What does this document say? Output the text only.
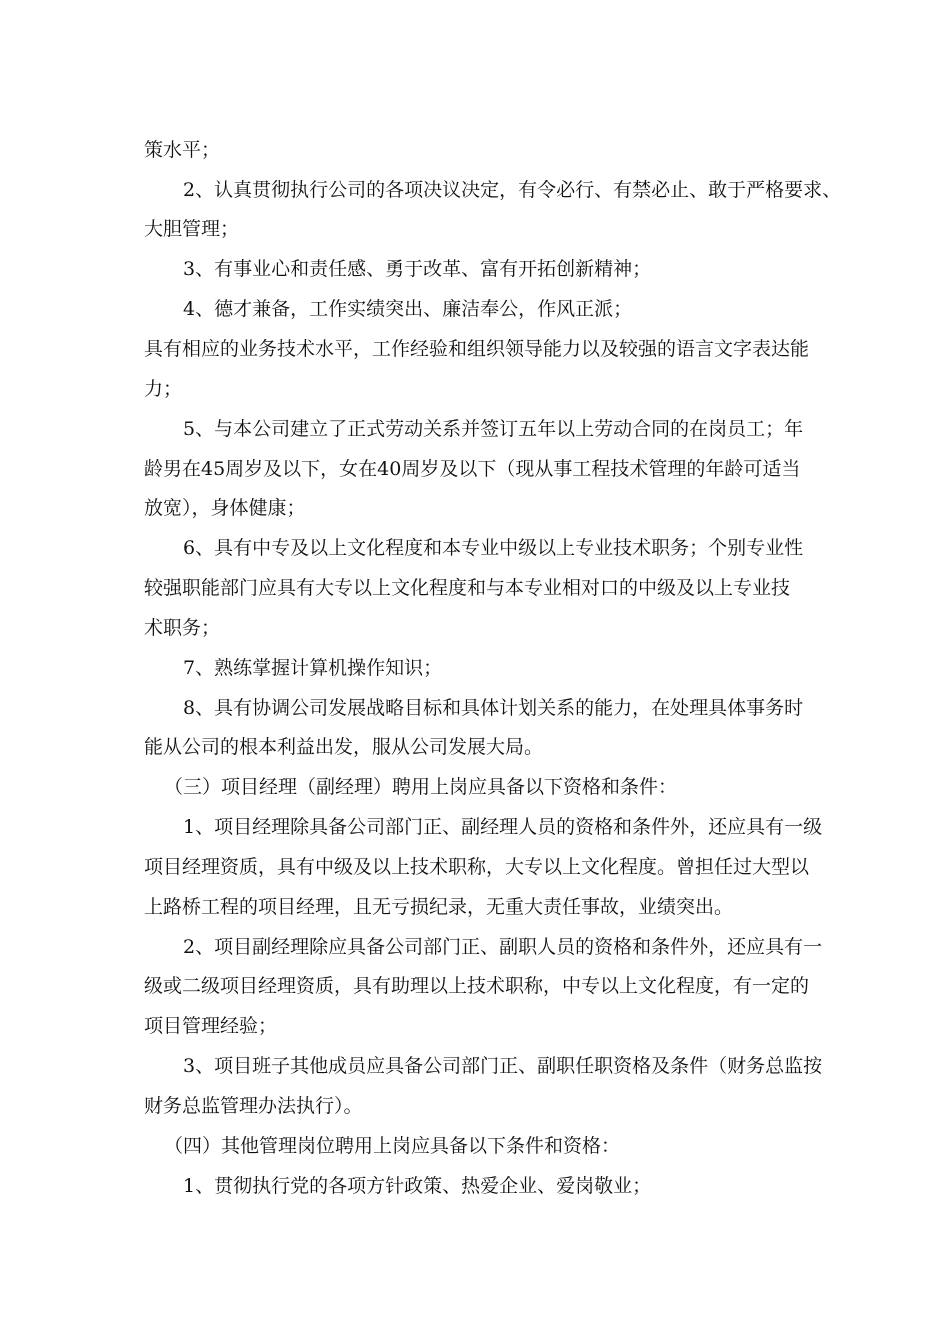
策水平；

2、认真贯彻执行公司的各项决议决定，有令必行、有禁必止、敢于严格要求、

大胆管理；

3、有事业心和责任感、勇于改革、富有开拓创新精神；

4、德才兼备，工作实绩突出、廉洁奉公，作风正派；

具有相应的业务技术水平，工作经验和组织领导能力以及较强的语言文字表达能

力；

5、与本公司建立了正式劳动关系并签订五年以上劳动合同的在岗员工；年

龄男在45周岁及以下，女在40周岁及以下（现从事工程技术管理的年龄可适当

放宽），身体健康；

6、具有中专及以上文化程度和本专业中级以上专业技术职务；个别专业性

较强职能部门应具有大专以上文化程度和与本专业相对口的中级及以上专业技

术职务；

7、熟练掌握计算机操作知识；

8、具有协调公司发展战略目标和具体计划关系的能力，在处理具体事务时

能从公司的根本利益出发，服从公司发展大局。

（三）项目经理（副经理）聘用上岗应具备以下资格和条件：

1、项目经理除具备公司部门正、副经理人员的资格和条件外，还应具有一级

项目经理资质，具有中级及以上技术职称，大专以上文化程度。曾担任过大型以

上路桥工程的项目经理，且无亏损纪录，无重大责任事故，业绩突出。

2、项目副经理除应具备公司部门正、副职人员的资格和条件外，还应具有一

级或二级项目经理资质，具有助理以上技术职称，中专以上文化程度，有一定的

项目管理经验；

3、项目班子其他成员应具备公司部门正、副职任职资格及条件（财务总监按

财务总监管理办法执行）。

（四）其他管理岗位聘用上岗应具备以下条件和资格：

1、贯彻执行党的各项方针政策、热爱企业、爱岗敬业；
